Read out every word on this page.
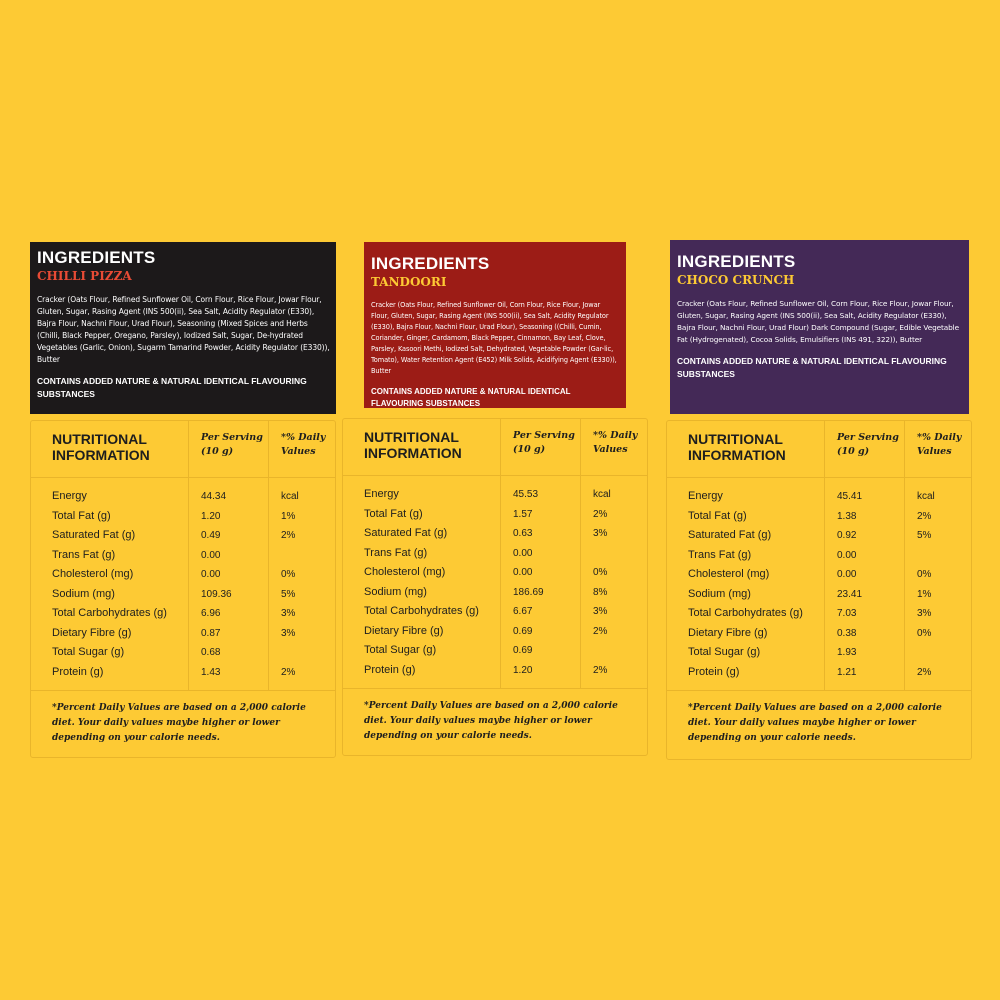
INGREDIENTS
CHILLI PIZZA
Cracker (Oats Flour, Refined Sunflower Oil, Corn Flour, Rice Flour, Jowar Flour, Gluten, Sugar, Rasing Agent (INS 500(ii), Sea Salt, Acidity Regulator (E330), Bajra Flour, Nachni Flour, Urad Flour), Seasoning (Mixed Spices and Herbs (Chilli, Black Pepper, Oregano, Parsley), Iodized Salt, Sugar, De-hydrated Vegetables (Garlic, Onion), Sugarm Tamarind Powder, Acidity Regulator (E330)), Butter
CONTAINS ADDED NATURE & NATURAL IDENTICAL FLAVOURING SUBSTANCES
NUTRITIONAL INFORMATION
Per Serving (10 g)
*% Daily Values
Energy
Total Fat (g)
Saturated Fat (g)
Trans Fat (g)
Cholesterol (mg)
Sodium (mg)
Total Carbohydrates (g)
Dietary Fibre (g)
Total Sugar (g)
Protein (g)
44.34
1.20
0.49
0.00
0.00
109.36
6.96
0.87
0.68
1.43
kcal
1%
2%
0%
5%
3%
3%
2%
*Percent Daily Values are based on a 2,000 calorie diet. Your daily values maybe higher or lower depending on your calorie needs.
INGREDIENTS
TANDOORI
Cracker (Oats Flour, Refined Sunflower Oil, Corn Flour, Rice Flour, Jowar Flour, Gluten, Sugar, Rasing Agent (INS 500(ii), Sea Salt, Acidity Regulator (E330), Bajra Flour, Nachni Flour, Urad Flour), Seasoning ((Chilli, Cumin, Coriander, Ginger, Cardamom, Black Pepper, Cinnamon, Bay Leaf, Clove, Parsley, Kasoori Methi, Iodized Salt, Dehydrated, Vegetable Powder (Gar-lic, Tomato), Water Retention Agent (E452) Milk Solids, Acidifying Agent (E330)), Butter
CONTAINS ADDED NATURE & NATURAL IDENTICAL FLAVOURING SUBSTANCES
NUTRITIONAL INFORMATION
Per Serving (10 g)
*% Daily Values
Energy
Total Fat (g)
Saturated Fat (g)
Trans Fat (g)
Cholesterol (mg)
Sodium (mg)
Total Carbohydrates (g)
Dietary Fibre (g)
Total Sugar (g)
Protein (g)
45.53
1.57
0.63
0.00
0.00
186.69
6.67
0.69
0.69
1.20
kcal
2%
3%
0%
8%
3%
2%
2%
*Percent Daily Values are based on a 2,000 calorie diet. Your daily values maybe higher or lower depending on your calorie needs.
INGREDIENTS
CHOCO CRUNCH
Cracker (Oats Flour, Refined Sunflower Oil, Corn Flour, Rice Flour, Jowar Flour, Gluten, Sugar, Rasing Agent (INS 500(ii), Sea Salt, Acidity Regulator (E330), Bajra Flour, Nachni Flour, Urad Flour) Dark Compound (Sugar, Edible Vegetable Fat (Hydrogenated), Cocoa Solids, Emulsifiers (INS 491, 322)), Butter
CONTAINS ADDED NATURE & NATURAL IDENTICAL FLAVOURING SUBSTANCES
NUTRITIONAL INFORMATION
Per Serving (10 g)
*% Daily Values
Energy
Total Fat (g)
Saturated Fat (g)
Trans Fat (g)
Cholesterol (mg)
Sodium (mg)
Total Carbohydrates (g)
Dietary Fibre (g)
Total Sugar (g)
Protein (g)
45.41
1.38
0.92
0.00
0.00
23.41
7.03
0.38
1.93
1.21
kcal
2%
5%
0%
1%
3%
0%
2%
*Percent Daily Values are based on a 2,000 calorie diet. Your daily values maybe higher or lower depending on your calorie needs.
